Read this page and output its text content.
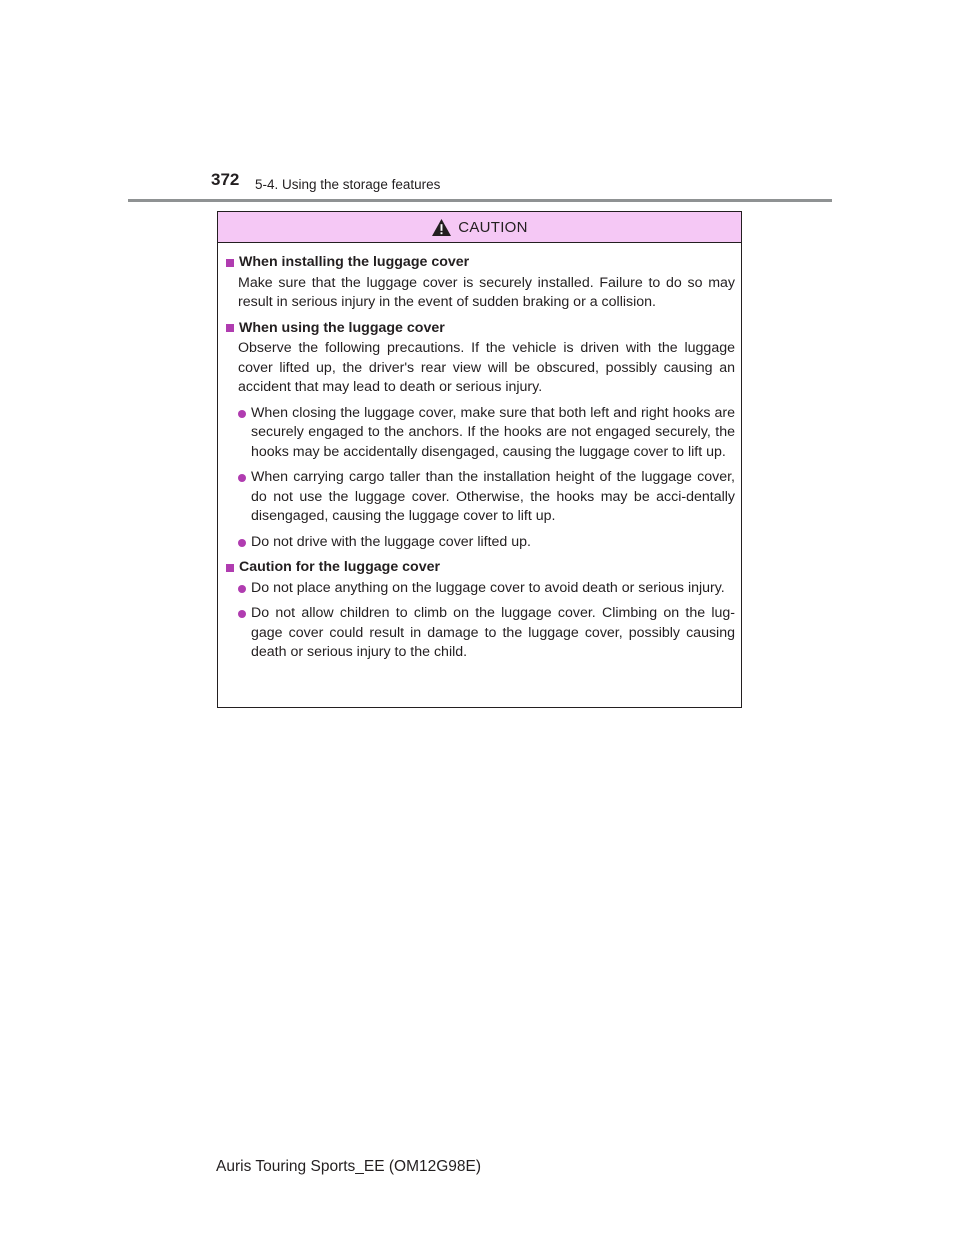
372 5-4. Using the storage features
CAUTION
When installing the luggage cover
Make sure that the luggage cover is securely installed. Failure to do so may result in serious injury in the event of sudden braking or a collision.
When using the luggage cover
Observe the following precautions. If the vehicle is driven with the luggage cover lifted up, the driver's rear view will be obscured, possibly causing an accident that may lead to death or serious injury.
When closing the luggage cover, make sure that both left and right hooks are securely engaged to the anchors. If the hooks are not engaged securely, the hooks may be accidentally disengaged, causing the luggage cover to lift up.
When carrying cargo taller than the installation height of the luggage cover, do not use the luggage cover. Otherwise, the hooks may be acci-dentally disengaged, causing the luggage cover to lift up.
Do not drive with the luggage cover lifted up.
Caution for the luggage cover
Do not place anything on the luggage cover to avoid death or serious injury.
Do not allow children to climb on the luggage cover. Climbing on the lug-gage cover could result in damage to the luggage cover, possibly causing death or serious injury to the child.
Auris Touring Sports_EE (OM12G98E)
